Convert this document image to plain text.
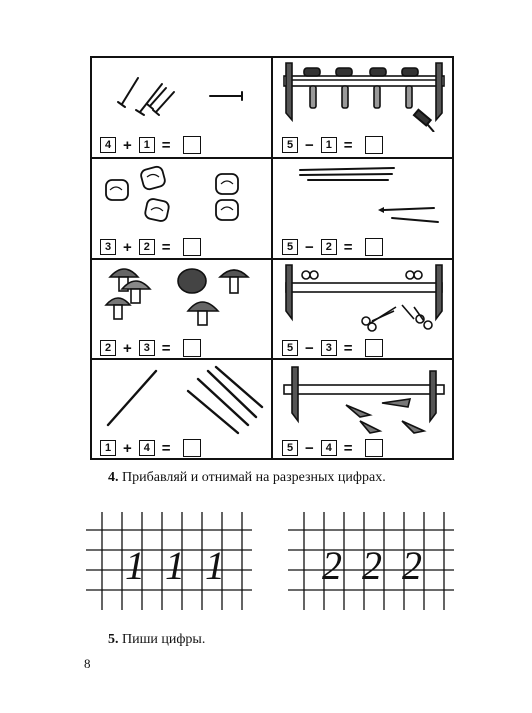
4 +	1 =	5 −	1 =
3 +	2 =	5 −	2 =
2 +	3 =	5 −	3 =
1 +	4 =	5 −	4 =
4. Прибавляй и отнимай на разрезных цифрах.
1 1 1 2 2 2
5. Пиши цифры.
8
